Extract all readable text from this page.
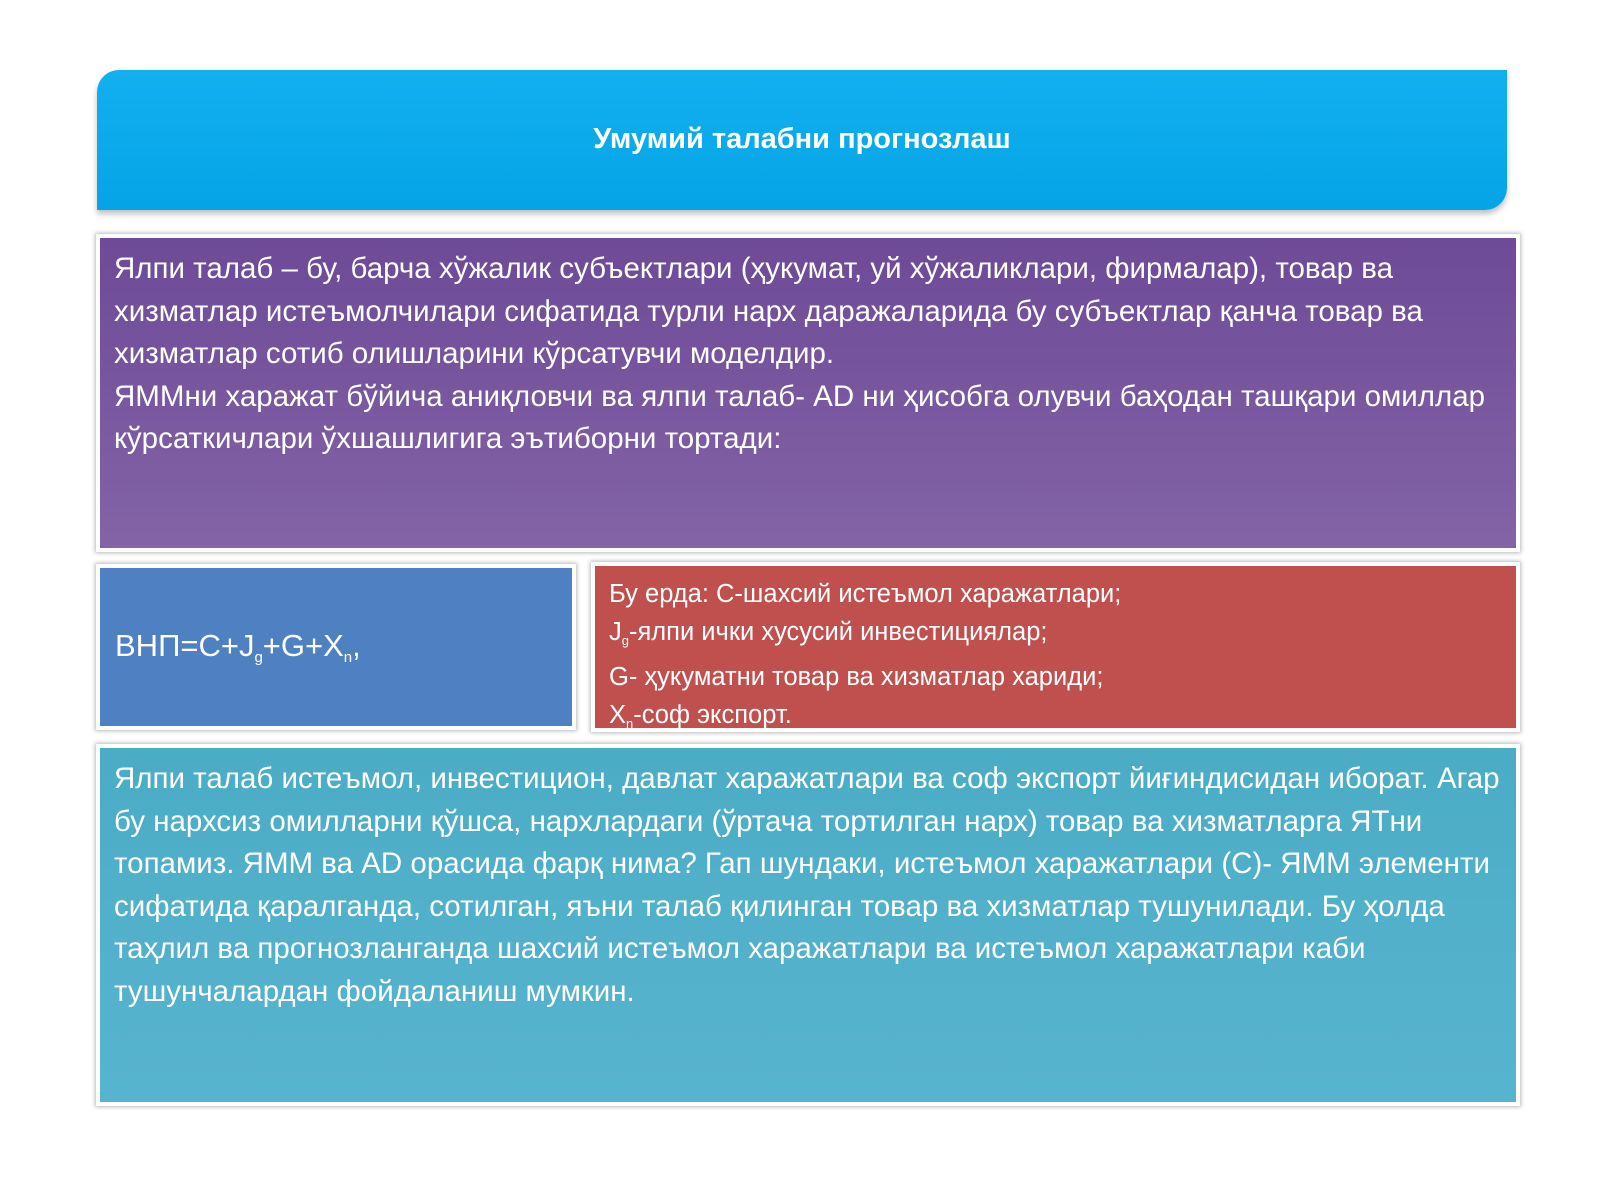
Умумий талабни прогнозлаш

Ялпи талаб – бу, барча хўжалик субъектлари (ҳукумат, уй хўжаликлари, фирмалар), товар ва хизматлар истеъмолчилари сифатида турли нарх даражаларида бу субъектлар қанча товар ва хизматлар сотиб олишларини кўрсатувчи моделдир.

ЯММни харажат бўйича аниқловчи ва ялпи талаб- AD ни ҳисобга олувчи баҳодан ташқари омиллар кўрсаткичлари ўхшашлигига эътиборни тортади:

$ВНП=С+J_g+G+X_n$,

Бу ерда: С-шахсий истеъмол харажатлари;

$J_g$-ялпи ички хусусий инвестициялар;

G- ҳукуматни товар ва хизматлар хариди;

$X_n$-соф экспорт.

Ялпи талаб истеъмол, инвестицион, давлат харажатлари ва соф экспорт йиғиндисидан иборат. Агар бу нархсиз омилларни қўшса, нархлардаги (ўртача тортилган нарх) товар ва хизматларга ЯТни топамиз. ЯММ ва AD орасида фарқ нима? Гап шундаки, истеъмол харажатлари (С)- ЯММ элементи сифатида қаралганда, сотилган, яъни талаб қилинган товар ва хизматлар тушунилади. Бу ҳолда таҳлил ва прогнозланганда шахсий истеъмол харажатлари ва истеъмол харажатлари каби тушунчалардан фойдаланиш мумкин.
